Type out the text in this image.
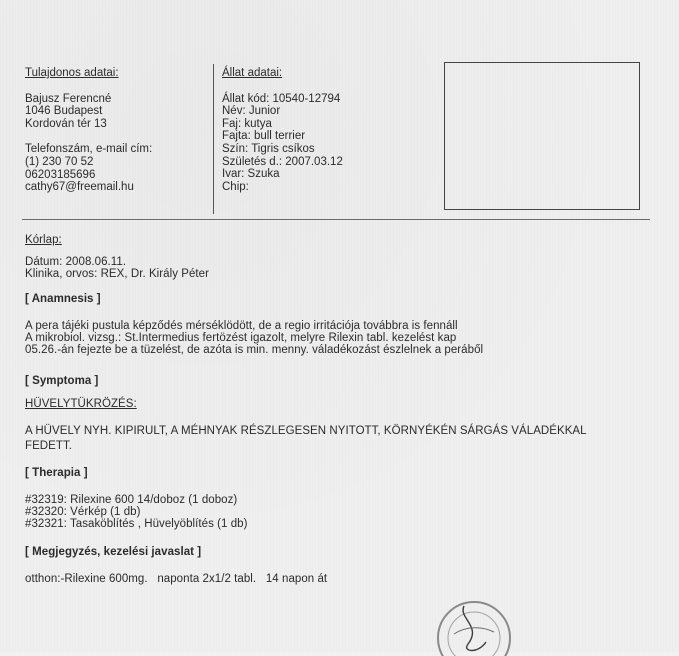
Tulajdonos adatai:
Bajusz Ferencné
1046 Budapest
Kordován tér 13
Telefonszám, e-mail cím:
(1) 230 70 52
06203185696
cathy67@freemail.hu
Állat adatai:
Állat kód: 10540-12794
Név: Junior
Faj: kutya
Fajta: bull terrier
Szín: Tigris csíkos
Születés d.: 2007.03.12
Ivar: Szuka
Chip:
Kórlap:
Dátum: 2008.06.11.
Klinika, orvos: REX, Dr. Király Péter
[ Anamnesis ]
A pera tájéki pustula képződés mérséklödött, de a regio irritációja továbbra is fennáll
A mikrobiol. vizsg.: St.Intermedius fertözést igazolt, melyre Rilexin tabl. kezelést kap
05.26.-án fejezte be a tüzelést, de azóta is min. menny. váladékozást észlelnek a peráből
[ Symptoma ]
HÜVELYTÜKRÖZÉS:
A HÜVELY NYH. KIPIRULT, A MÉHNYAK RÉSZLEGESEN NYITOTT, KÖRNYÉKÉN SÁRGÁS VÁLADÉKKAL
FEDETT.
[ Therapia ]
#32319: Rilexine 600 14/doboz (1 doboz)
#32320: Vérkép (1 db)
#32321: Tasaköblítés , Hüvelyöblítés (1 db)
[ Megjegyzés, kezelési javaslat ]
otthon:-Rilexine 600mg.   naponta 2x1/2 tabl.   14 napon át
